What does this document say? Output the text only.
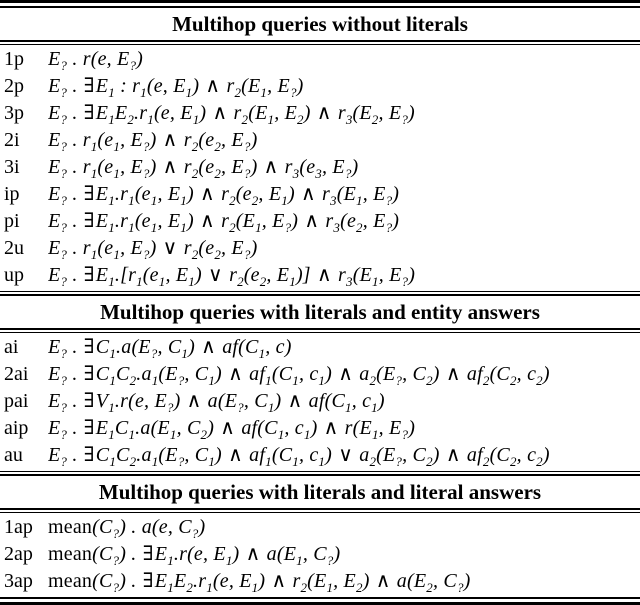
Multihop queries without literals
1p	$E_?$ . r(e, $E_?$)
2p	$E_?$ . $\exists E_1$ : $r_1(e$, $E_1$) ∧ $r_2(E_1$, $E_?$)
3p	$E_?$ . $\exists E_1E_2.r_1(e$, $E_1$) ∧ $r_2(E_1$, $E_2$) ∧ $r_3(E_2$, $E_?$)
2i	$E_?$ . $r_1(e_1$, $E_?$) ∧ $r_2(e_2$, $E_?$)
3i	$E_?$ . $r_1(e_1$, $E_?$) ∧ $r_2(e_2$, $E_?$) ∧ $r_3(e_3$, $E_?$)
ip	$E_?$ . $\exists E_1.r_1(e_1$, $E_1$) ∧ $r_2(e_2$, $E_1$) ∧ $r_3(E_1$, $E_?$)
pi	$E_?$ . $\exists E_1.r_1(e_1$, $E_1$) ∧ $r_2(E_1$, $E_?$) ∧ $r_3(e_2$, $E_?$)
2u	$E_?$ . $r_1(e_1$, $E_?$) ∨ $r_2(e_2$, $E_?$)
up	$E_?$ . $\exists E_1.[r_1(e_1$, $E_1$) ∨ $r_2(e_2$, $E_1$)] ∧ $r_3(E_1$, $E_?$)
Multihop queries with literals and entity answers
ai	$E_?$ . $\exists C_1.a(E_?$, $C_1$) ∧ $af(C_1$, c)
2ai $E_?$ . $\exists C_1C_2.a_1(E_?$, $C_1$) ∧ $af_1(C_1$, $c_1$) ∧ $a_2(E_?$, $C_2$) ∧ $af_2(C_2$, $c_2$)
pai $E_?$ . $\exists V_1.r(e$, $E_?$) ∧ $a(E_?$, $C_1$) ∧ $af(C_1$, $c_1$)
aip $E_?$ . $\exists E_1C_1.a(E_1$, $C_2$) ∧ $af(C_1$, $c_1$) ∧ $r(E_1$, $E_?$)
au	$E_?$ . $\exists C_1C_2.a_1(E_?$, $C_1$) ∧ $af_1(C_1$, $c_1$) ∨ $a_2(E_?$, $C_2$) ∧ $af_2(C_2$, $c_2$)
Multihop queries with literals and literal answers
1ap $mean(C_?)$ . a(e, $C_?$)
2ap $mean(C_?)$ . $\exists E_1.r(e$, $E_1$) ∧ $a(E_1$, $C_?$)
3ap $mean(C_?)$ . $\exists E_1E_2.r_1(e$, $E_1$) ∧ $r_2(E_1$, $E_2$) ∧ $a(E_2$, $C_?$)
